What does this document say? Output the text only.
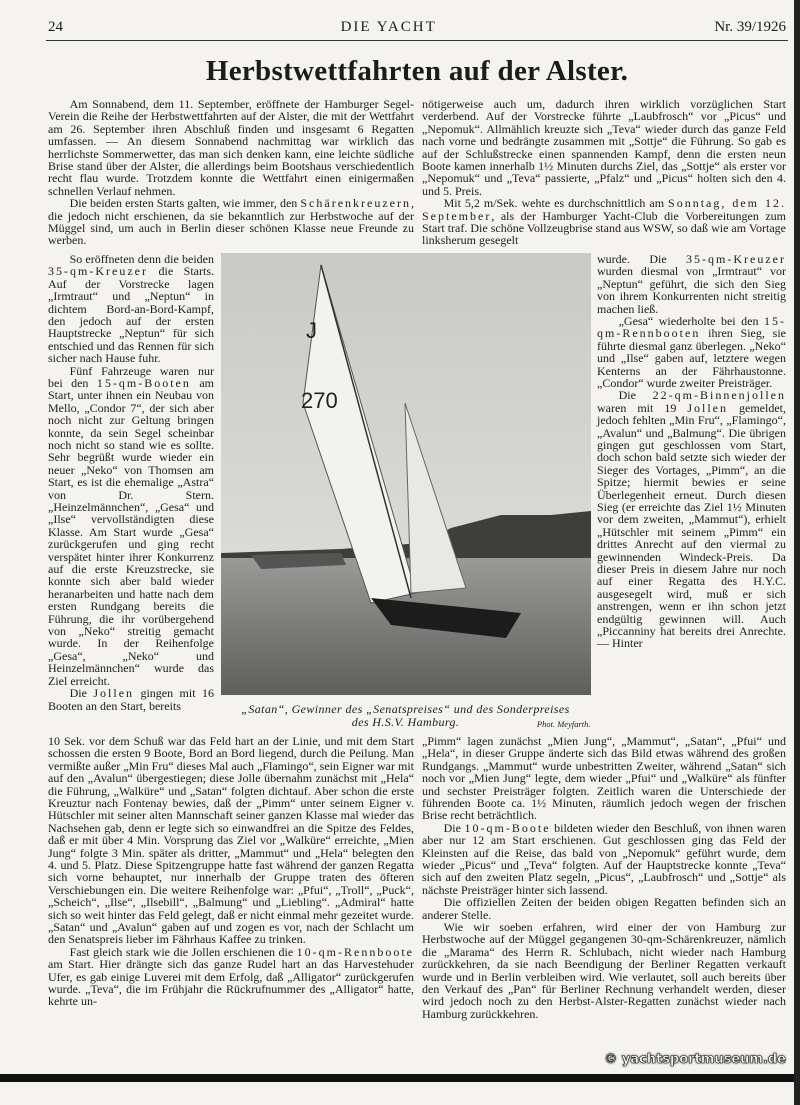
24	DIE YACHT	Nr. 39/1926
Herbstwettfahrten auf der Alster.

Am Sonnabend, dem 11. September, eröffnete der Hamburger Segel-Verein die Reihe der Herbstwettfahrten auf der Alster, die mit der Wettfahrt am 26. September ihren Abschluß finden und insgesamt 6 Regatten umfassen. — An diesem Sonnabend nachmittag war wirklich das herrlichste Sommerwetter, das man sich denken kann, eine leichte südliche Brise stand über der Alster, die allerdings beim Bootshaus verschiedentlich recht flau wurde. Trotzdem konnte die Wettfahrt einen einigermaßen schnellen Verlauf nehmen.

Die beiden ersten Starts galten, wie immer, den Schärenkreuzern, die jedoch nicht erschienen, da sie bekanntlich zur Herbstwoche auf der Müggel sind, um auch in Berlin dieser schönen Klasse neue Freunde zu werben.

nötigerweise auch um, dadurch ihren wirklich vorzüglichen Start verderbend. Auf der Vorstrecke führte „Laubfrosch“ vor „Picus“ und „Nepomuk“. Allmählich kreuzte sich „Teva“ wieder durch das ganze Feld nach vorne und bedrängte zusammen mit „Sottje“ die Führung. So gab es auf der Schlußstrecke einen spannenden Kampf, denn die ersten neun Boote kamen innerhalb 1½ Minuten durchs Ziel, das „Sottje“ als erster vor „Nepomuk“ und „Teva“ passierte, „Pfalz“ und „Picus“ holten sich den 4. und 5. Preis.

Mit 5,2 m/Sek. wehte es durchschnittlich am Sonntag, dem 12. September, als der Hamburger Yacht-Club die Vorbereitungen zum Start traf. Die schöne Vollzeugbrise stand aus WSW, so daß wie am Vortage linksherum gesegelt

So eröffneten denn die beiden 35-qm-Kreuzer die Starts. Auf der Vorstrecke lagen „Irmtraut“ und „Neptun“ in dichtem Bord-an-Bord-Kampf, den jedoch auf der ersten Hauptstrecke „Neptun“ für sich entschied und das Rennen für sich sicher nach Hause fuhr.

Fünf Fahrzeuge waren nur bei den 15-qm-Booten am Start, unter ihnen ein Neubau von Mello, „Condor 7“, der sich aber noch nicht zur Geltung bringen konnte, da sein Segel scheinbar noch nicht so stand wie es sollte. Sehr begrüßt wurde wieder ein neuer „Neko“ von Thomsen am Start, es ist die ehemalige „Astra“ von Dr. Stern. „Heinzelmännchen“, „Gesa“ und „Ilse“ vervollständigten diese Klasse. Am Start wurde „Gesa“ zurückgerufen und ging recht verspätet hinter ihrer Konkurrenz auf die erste Kreuzstrecke, sie konnte sich aber bald wieder heranarbeiten und hatte nach dem ersten Rundgang bereits die Führung, die ihr vorübergehend von „Neko“ streitig gemacht wurde. In der Reihenfolge „Gesa“, „Neko“ und Heinzelmännchen“ wurde das Ziel erreicht.

Die Jollen gingen mit 16 Booten an den Start, bereits

J
270
„Satan“, Gewinner des „Senatspreises“ und des Sonderpreises
des H.S.V. Hamburg.	Phot. Meyfarth.

wurde. Die 35-qm-Kreuzer wurden diesmal von „Irmtraut“ vor „Neptun“ geführt, die sich den Sieg von ihrem Konkurrenten nicht streitig machen ließ.

„Gesa“ wiederholte bei den 15-qm-Rennbooten ihren Sieg, sie führte diesmal ganz überlegen. „Neko“ und „Ilse“ gaben auf, letztere wegen Kenterns an der Fährhaustonne. „Condor“ wurde zweiter Preisträger.

Die 22-qm-Binnenjollen waren mit 19 Jollen gemeldet, jedoch fehlten „Min Fru“, „Flamingo“, „Avalun“ und „Balmung“. Die übrigen gingen gut geschlossen vom Start, doch schon bald setzte sich wieder der Sieger des Vortages, „Pimm“, an die Spitze; hiermit bewies er seine Überlegenheit erneut. Durch diesen Sieg (er erreichte das Ziel 1½ Minuten vor dem zweiten, „Mammut“), erhielt „Hütschler mit seinem „Pimm“ ein drittes Anrecht auf den viermal zu gewinnenden Windeck-Preis. Da dieser Preis in diesem Jahre nur noch auf einer Regatta des H.Y.C. ausgesegelt wird, muß er sich anstrengen, wenn er ihn schon jetzt endgültig gewinnen will. Auch „Piccanniny hat bereits drei Anrechte. — Hinter

10 Sek. vor dem Schuß war das Feld hart an der Linie, und mit dem Start schossen die ersten 9 Boote, Bord an Bord liegend, durch die Peilung. Man vermißte außer „Min Fru“ dieses Mal auch „Flamingo“, sein Eigner war mit auf den „Avalun“ übergestiegen; diese Jolle übernahm zunächst mit „Hela“ die Führung, „Walküre“ und „Satan“ folgten dichtauf. Aber schon die erste Kreuztur nach Fontenay bewies, daß der „Pimm“ unter seinem Eigner v. Hütschler mit seiner alten Mannschaft seiner ganzen Klasse mal wieder das Nachsehen gab, denn er legte sich so einwandfrei an die Spitze des Feldes, daß er mit über 4 Min. Vorsprung das Ziel vor „Walküre“ erreichte, „Mien Jung“ folgte 3 Min. später als dritter, „Mammut“ und „Hela“ belegten den 4. und 5. Platz. Diese Spitzengruppe hatte fast während der ganzen Regatta sich vorne behauptet, nur innerhalb der Gruppe traten des öfteren Verschiebungen ein. Die weitere Reihenfolge war: „Pfui“, „Troll“, „Puck“, „Scheich“, „Ilse“, „Ilsebill“, „Balmung“ und „Liebling“. „Admiral“ hatte sich so weit hinter das Feld gelegt, daß er nicht einmal mehr gezeitet wurde. „Satan“ und „Avalun“ gaben auf und zogen es vor, nach der Schlacht um den Senatspreis lieber im Fährhaus Kaffee zu trinken.

Fast gleich stark wie die Jollen erschienen die 10-qm-Rennboote am Start. Hier drängte sich das ganze Rudel hart an das Harvestehuder Ufer, es gab einige Luverei mit dem Erfolg, daß „Alligator“ zurückgerufen wurde. „Teva“, die im Frühjahr die Rückrufnummer des „Alligator“ hatte, kehrte un-

„Pimm“ lagen zunächst „Mien Jung“, „Mammut“, „Satan“, „Pfui“ und „Hela“, in dieser Gruppe änderte sich das Bild etwas während des großen Rundgangs. „Mammut“ wurde unbestritten Zweiter, während „Satan“ sich noch vor „Mien Jung“ legte, dem wieder „Pfui“ und „Walküre“ als fünfter und sechster Preisträger folgten. Zeitlich waren die Unterschiede der führenden Boote ca. 1½ Minuten, räumlich jedoch wegen der frischen Brise recht beträchtlich.

Die 10-qm-Boote bildeten wieder den Beschluß, von ihnen waren aber nur 12 am Start erschienen. Gut geschlossen ging das Feld der Kleinsten auf die Reise, das bald von „Nepomuk“ geführt wurde, dem wieder „Picus“ und „Teva“ folgten. Auf der Hauptstrecke konnte „Teva“ sich auf den zweiten Platz segeln, „Picus“, „Laubfrosch“ und „Sottje“ als nächste Preisträger hinter sich lassend.

Die offiziellen Zeiten der beiden obigen Regatten befinden sich an anderer Stelle.

Wie wir soeben erfahren, wird einer der von Hamburg zur Herbstwoche auf der Müggel gegangenen 30-qm-Schärenkreuzer, nämlich die „Marama“ des Herrn R. Schlubach, nicht wieder nach Hamburg zurückkehren, da sie nach Beendigung der Berliner Regatten verkauft wurde und in Berlin verbleiben wird. Wie verlautet, soll auch bereits über den Verkauf des „Pan“ für Berliner Rechnung verhandelt werden, dieser wird jedoch noch zu den Herbst-Alster-Regatten zunächst wieder nach Hamburg zurückkehren.

© yachtsportmuseum.de
